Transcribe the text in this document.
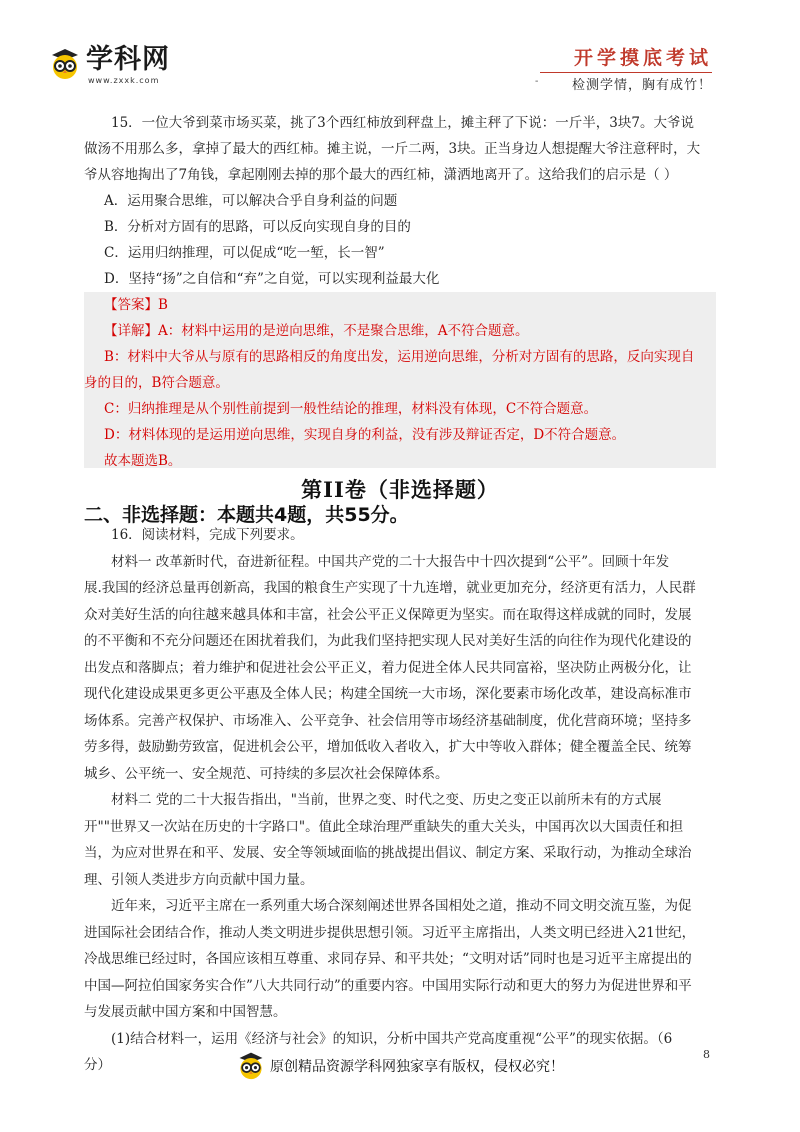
学科网
www.zxxk.com
开学摸底考试
检测学情，胸有成竹！
-

15．一位大爷到菜市场买菜，挑了3个西红柿放到秤盘上，摊主秤了下说：一斤半，3块7。大爷说

做汤不用那么多，拿掉了最大的西红柿。摊主说，一斤二两，3块。正当身边人想提醒大爷注意秤时，大

爷从容地掏出了7角钱，拿起刚刚去掉的那个最大的西红柿，潇洒地离开了。这给我们的启示是（ ）

A．运用聚合思维，可以解决合乎自身利益的问题

B．分析对方固有的思路，可以反向实现自身的目的

C．运用归纳推理，可以促成“吃一堑，长一智”

D．坚持“扬”之自信和“弃”之自觉，可以实现利益最大化

【答案】B

【详解】A：材料中运用的是逆向思维，不是聚合思维，A不符合题意。

B：材料中大爷从与原有的思路相反的角度出发，运用逆向思维，分析对方固有的思路，反向实现自

身的目的，B符合题意。

C：归纳推理是从个别性前提到一般性结论的推理，材料没有体现，C不符合题意。

D：材料体现的是运用逆向思维，实现自身的利益，没有涉及辩证否定，D不符合题意。

故本题选B。

第II卷（非选择题）
二、非选择题：本题共4题，共55分。

16．阅读材料，完成下列要求。

材料一 改革新时代，奋进新征程。中国共产党的二十大报告中十四次提到“公平”。回顾十年发

展.我国的经济总量再创新高，我国的粮食生产实现了十九连增，就业更加充分，经济更有活力，人民群

众对美好生活的向往越来越具体和丰富，社会公平正义保障更为坚实。而在取得这样成就的同时，发展

的不平衡和不充分问题还在困扰着我们，为此我们坚持把实现人民对美好生活的向往作为现代化建设的

出发点和落脚点；着力维护和促进社会公平正义，着力促进全体人民共同富裕，坚决防止两极分化，让

现代化建设成果更多更公平惠及全体人民；构建全国统一大市场，深化要素市场化改革，建设高标准市

场体系。完善产权保护、市场准入、公平竞争、社会信用等市场经济基础制度，优化营商环境；坚持多

劳多得，鼓励勤劳致富，促进机会公平，增加低收入者收入，扩大中等收入群体；健全覆盖全民、统筹

城乡、公平统一、安全规范、可持续的多层次社会保障体系。

材料二 党的二十大报告指出，"当前，世界之变、时代之变、历史之变正以前所未有的方式展

开""世界又一次站在历史的十字路口"。值此全球治理严重缺失的重大关头，中国再次以大国责任和担

当，为应对世界在和平、发展、安全等领域面临的挑战提出倡议、制定方案、采取行动，为推动全球治

理、引领人类进步方向贡献中国力量。

近年来，习近平主席在一系列重大场合深刻阐述世界各国相处之道，推动不同文明交流互鉴，为促

进国际社会团结合作，推动人类文明进步提供思想引领。习近平主席指出，人类文明已经进入21世纪，

冷战思维已经过时，各国应该相互尊重、求同存异、和平共处；“文明对话”同时也是习近平主席提出的

中国—阿拉伯国家务实合作”八大共同行动”的重要内容。中国用实际行动和更大的努力为促进世界和平

与发展贡献中国方案和中国智慧。

(1)结合材料一，运用《经济与社会》的知识，分析中国共产党高度重视“公平”的现实依据。（6

分）

8
原创精品资源学科网独家享有版权，侵权必究！
